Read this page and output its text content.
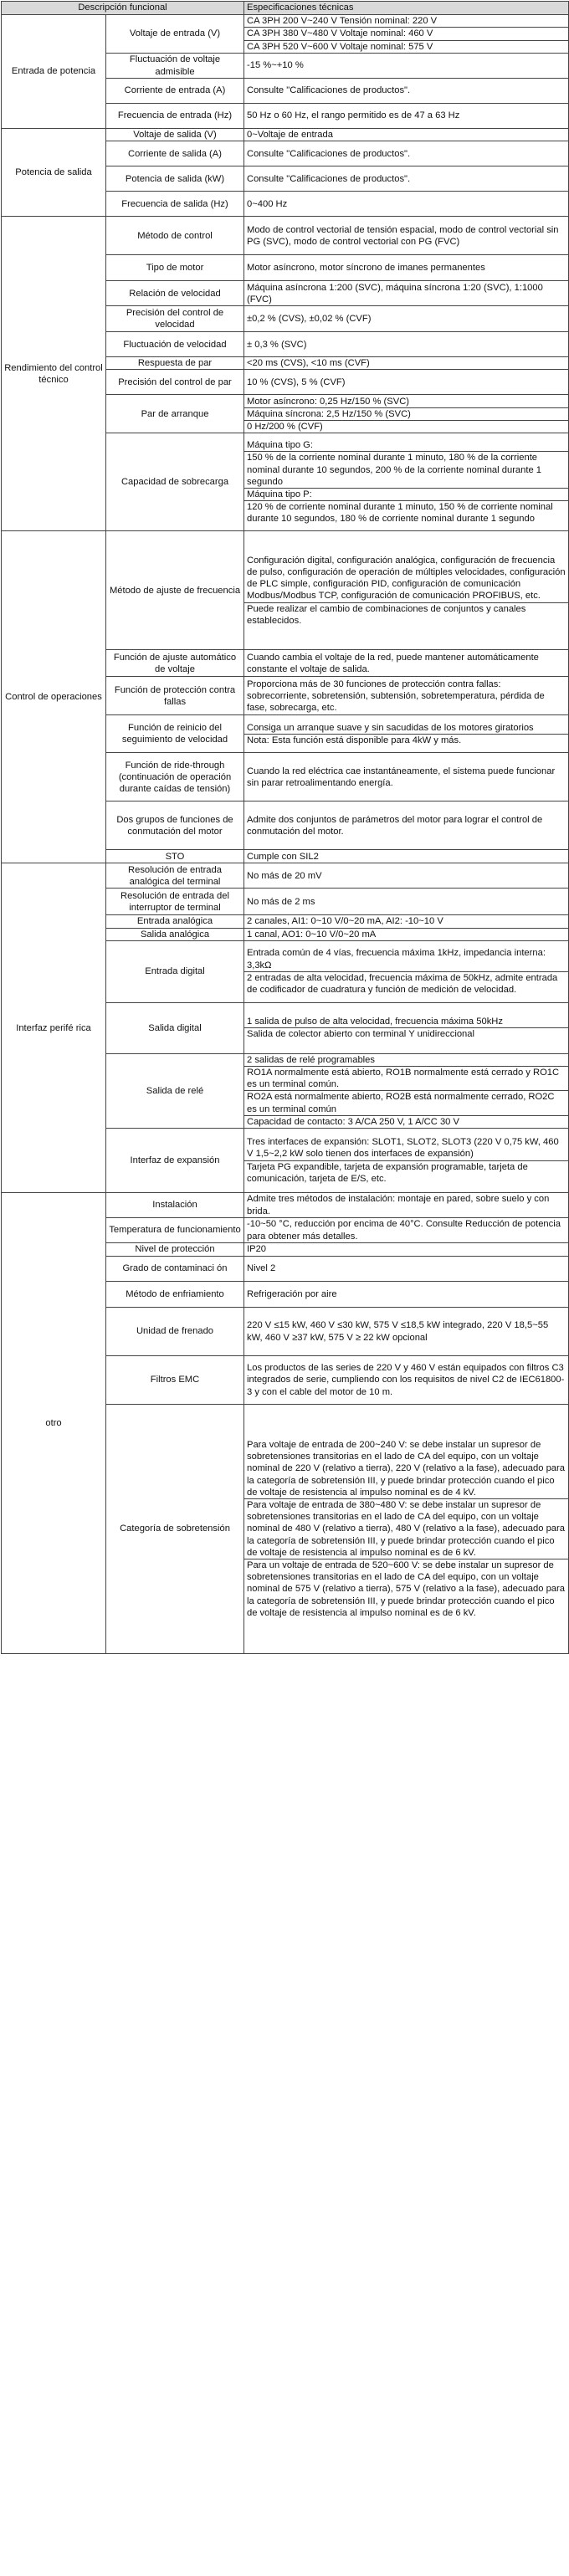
Descripción funcional		Especificaciones técnicas
Entrada de potencia	Voltaje de entrada (V)	CA 3PH 200 V~240 V Tensión nominal: 220 V
CA 3PH 380 V~480 V Voltaje nominal: 460 V
CA 3PH 520 V~600 V Voltaje nominal: 575 V

	Fluctuación de voltaje admisible	-15 %~+10 %

	Corriente de entrada (A)	Consulte "Calificaciones de productos".

	Frecuencia de entrada (Hz)	50 Hz o 60 Hz, el rango permitido es de 47 a 63 Hz

Potencia de salida	Voltaje de salida (V)	0~Voltaje de entrada

	Corriente de salida (A)	Consulte "Calificaciones de productos".

	Potencia de salida (kW)	Consulte "Calificaciones de productos".

	Frecuencia de salida (Hz)	0~400 Hz

Rendimiento del control técnico	Método de control	Modo de control vectorial de tensión espacial, modo de control vectorial sin PG (SVC), modo de control vectorial con PG (FVC)

	Tipo de motor	Motor asíncrono, motor síncrono de imanes permanentes

	Relación de velocidad	Máquina asíncrona 1:200 (SVC), máquina síncrona 1:20 (SVC), 1:1000 (FVC)

	Precisión del control de velocidad	±0,2 % (CVS), ±0,02 % (CVF)

	Fluctuación de velocidad	± 0,3 % (SVC)

	Respuesta de par	<20 ms (CVS), <10 ms (CVF)

	Precisión del control de par	10 % (CVS), 5 % (CVF)

	Par de arranque	Motor asíncrono: 0,25 Hz/150 % (SVC)
Máquina síncrona: 2,5 Hz/150 % (SVC)
0 Hz/200 % (CVF)

	Capacidad de sobrecarga	Máquina tipo G:
150 % de la corriente nominal durante 1 minuto, 180 % de la corriente nominal durante 10 segundos, 200 % de la corriente nominal durante 1 segundo
Máquina tipo P:
120 % de corriente nominal durante 1 minuto, 150 % de corriente nominal durante 10 segundos, 180 % de corriente nominal durante 1 segundo

Control de operaciones	Método de ajuste de frecuencia	Configuración digital, configuración analógica, configuración de frecuencia de pulso, configuración de operación de múltiples velocidades, configuración de PLC simple, configuración PID, configuración de comunicación Modbus/Modbus TCP, configuración de comunicación PROFIBUS, etc.
Puede realizar el cambio de combinaciones de conjuntos y canales establecidos.

	Función de ajuste automático de voltaje	Cuando cambia el voltaje de la red, puede mantener automáticamente constante el voltaje de salida.

	Función de protección contra fallas	Proporciona más de 30 funciones de protección contra fallas: sobrecorriente, sobretensión, subtensión, sobretemperatura, pérdida de fase, sobrecarga, etc.

	Función de reinicio del seguimiento de velocidad	Consiga un arranque suave y sin sacudidas de los motores giratorios
Nota: Esta función está disponible para 4kW y más.

	Función de ride-through (continuación de operación durante caídas de tensión)	Cuando la red eléctrica cae instantáneamente, el sistema puede funcionar sin parar retroalimentando energía.

	Dos grupos de funciones de conmutación del motor	Admite dos conjuntos de parámetros del motor para lograr el control de conmutación del motor.

	STO	Cumple con SIL2

Interfaz perifé rica	Resolución de entrada analógica del terminal	No más de 20 mV

	Resolución de entrada del interruptor de terminal	No más de 2 ms

	Entrada analógica	2 canales, AI1: 0~10 V/0~20 mA, AI2: -10~10 V

	Salida analógica	1 canal, AO1: 0~10 V/0~20 mA

	Entrada digital	Entrada común de 4 vías, frecuencia máxima 1kHz, impedancia interna: 3,3kΩ
2 entradas de alta velocidad, frecuencia máxima de 50kHz, admite entrada de codificador de cuadratura y función de medición de velocidad.

	Salida digital	1 salida de pulso de alta velocidad, frecuencia máxima 50kHz
Salida de colector abierto con terminal Y unidireccional

	Salida de relé	2 salidas de relé programables
RO1A normalmente está abierto, RO1B normalmente está cerrado y RO1C es un terminal común.
RO2A está normalmente abierto, RO2B está normalmente cerrado, RO2C es un terminal común
Capacidad de contacto: 3 A/CA 250 V, 1 A/CC 30 V

	Interfaz de expansión	Tres interfaces de expansión: SLOT1, SLOT2, SLOT3 (220 V 0,75 kW, 460 V 1,5~2,2 kW solo tienen dos interfaces de expansión)
Tarjeta PG expandible, tarjeta de expansión programable, tarjeta de comunicación, tarjeta de E/S, etc.

otro	Instalación	Admite tres métodos de instalación: montaje en pared, sobre suelo y con brida.

	Temperatura de funcionamiento	-10~50 °C, reducción por encima de 40°C. Consulte Reducción de potencia para obtener más detalles.

	Nivel de protección	IP20

	Grado de contaminaci ón	Nivel 2

	Método de enfriamiento	Refrigeración por aire

	Unidad de frenado	220 V ≤15 kW, 460 V ≤30 kW, 575 V ≤18,5 kW integrado, 220 V 18,5~55 kW, 460 V ≥37 kW, 575 V ≥ 22 kW opcional

	Filtros EMC	Los productos de las series de 220 V y 460 V están equipados con filtros C3 integrados de serie, cumpliendo con los requisitos de nivel C2 de IEC61800-3 y con el cable del motor de 10 m.

	Categoría de sobretensión	Para voltaje de entrada de 200~240 V: se debe instalar un supresor de sobretensiones transitorias en el lado de CA del equipo, con un voltaje nominal de 220 V (relativo a tierra), 220 V (relativo a la fase), adecuado para la categoría de sobretensión III, y puede brindar protección cuando el pico de voltaje de resistencia al impulso nominal es de 4 kV.
Para voltaje de entrada de 380~480 V: se debe instalar un supresor de sobretensiones transitorias en el lado de CA del equipo, con un voltaje nominal de 480 V (relativo a tierra), 480 V (relativo a la fase), adecuado para la categoría de sobretensión III, y puede brindar protección cuando el pico de voltaje de resistencia al impulso nominal es de 6 kV.
Para un voltaje de entrada de 520~600 V: se debe instalar un supresor de sobretensiones transitorias en el lado de CA del equipo, con un voltaje nominal de 575 V (relativo a tierra), 575 V (relativo a la fase), adecuado para la categoría de sobretensión III, y puede brindar protección cuando el pico de voltaje de resistencia al impulso nominal es de 6 kV.
